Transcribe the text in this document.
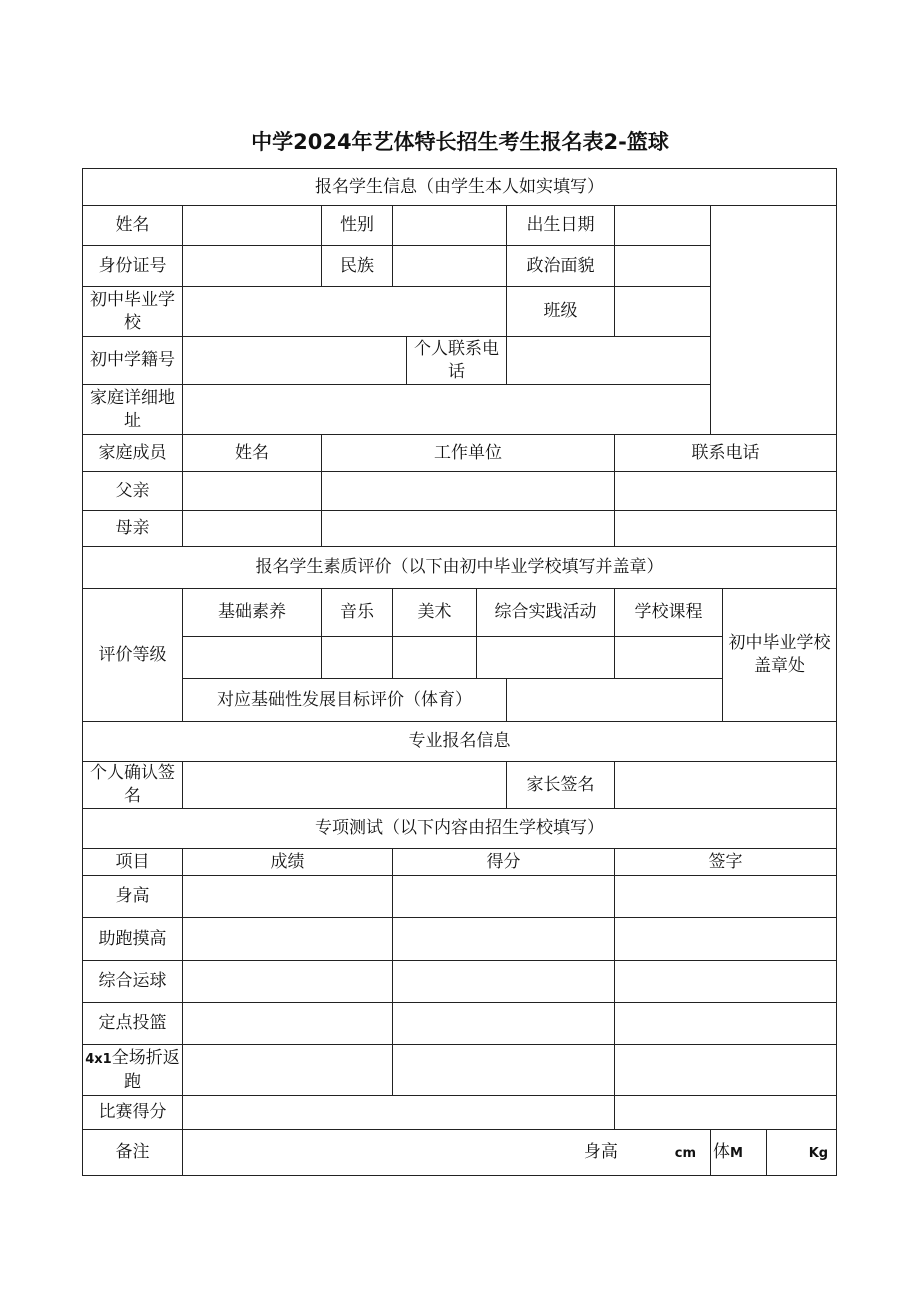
中学2024年艺体特长招生考生报名表2-篮球
报名学生信息（由学生本人如实填写）										
姓名		性别				出生日期				
身份证号		民族				政治面貌				
初中毕业学校						班级				
初中学籍号				个人联系电话						
家庭详细地址										
家庭成员	姓名	工作单位					联系电话			
父亲										
母亲										
报名学生素质评价（以下由初中毕业学校填写并盖章）										
评价等级	基础素养	音乐	美术		综合实践活动		学校课程		初中毕业学校盖章处	

	对应基础性发展目标评价（体育）									
专业报名信息										
个人确认签名						家长签名				
专项测试（以下内容由招生学校填写）										
项目	成绩		得分				签字			
身高										
助跑摸高										
综合运球										
定点投篮										
4x1全场折返跑										
比赛得分										
备注	身高 cm							体M		Kg
